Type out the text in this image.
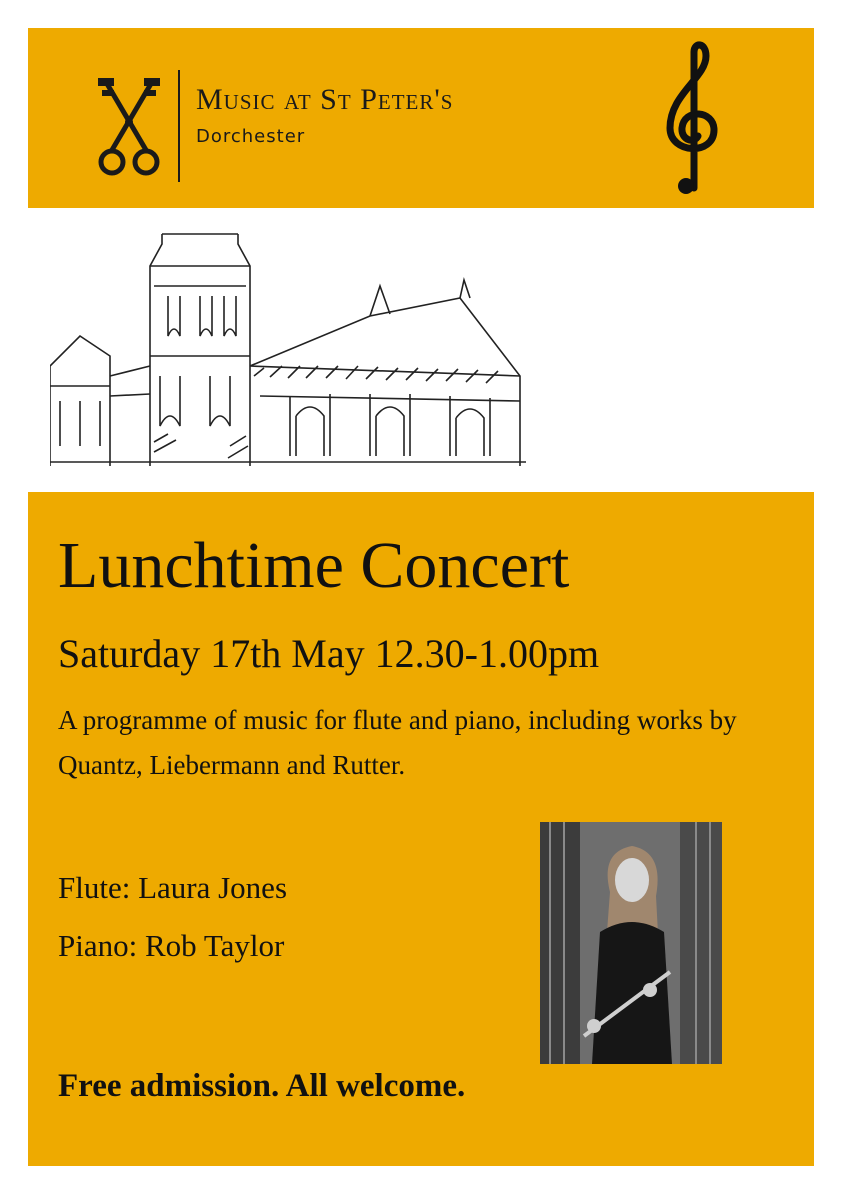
Music at St Peter's
Dorchester
Lunchtime Concert
Saturday 17th May 12.30-1.00pm
A programme of music for flute and piano, including works by Quantz, Liebermann and Rutter.
Flute: Laura Jones
Piano: Rob Taylor
Free admission. All welcome.
